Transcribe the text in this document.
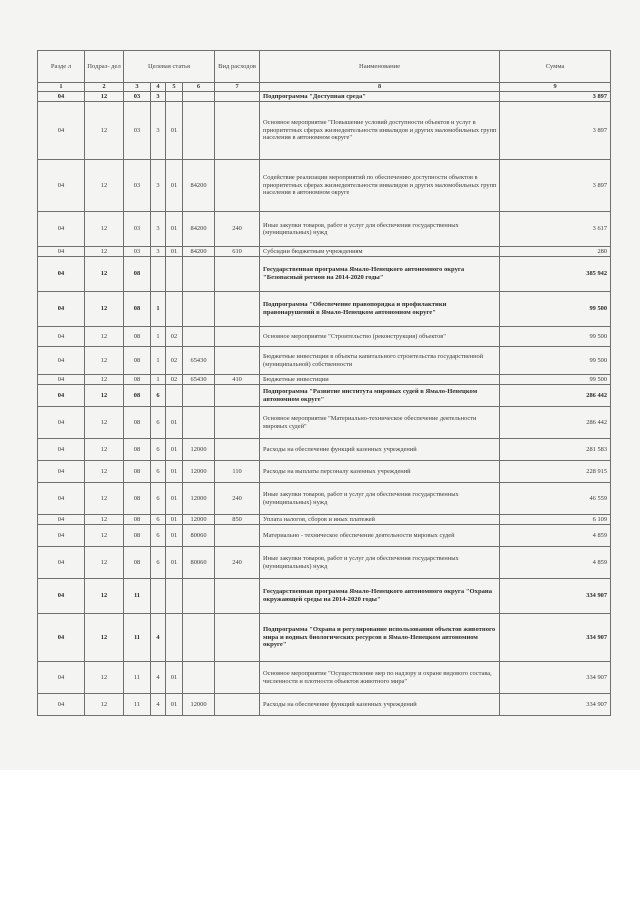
Разде л	Подраз- дел	Целевая статья				Вид расходов	Наименование	Сумма
1	2	3	4	5	6	7	8	9
04	12	03	3				Подпрограмма "Доступная среда"	3 897
04	12	03	3	01			Основное мероприятие "Повышение условий доступности объектов и услуг в приоритетных сферах жизнедеятельности инвалидов и других маломобильных групп населения в автономном округе"	3 897
04	12	03	3	01	84200		Содействие реализации мероприятий по обеспечению доступности объектов в приоритетных сферах жизнедеятельности инвалидов и других маломобильных групп населения в автономном округе	3 897
04	12	03	3	01	84200	240	Иные закупки товаров, работ и услуг для обеспечения государственных (муниципальных) нужд	3 617
04	12	03	3	01	84200	610	Субсидии бюджетным учреждениям	280
04	12	08					Государственная программа Ямало-Ненецкого автономного округа "Безопасный регион на 2014-2020 годы"	385 942
04	12	08	1				Подпрограмма "Обеспечение правопорядка и профилактики правонарушений в Ямало-Ненецком автономном округе"	99 500
04	12	08	1	02			Основное мероприятие "Строительство (реконструкция) объектов"	99 500
04	12	08	1	02	65430		Бюджетные инвестиции в объекты капитального строительства государственной (муниципальной) собственности	99 500
04	12	08	1	02	65430	410	Бюджетные инвестиции	99 500
04	12	08	6				Подпрограмма "Развитие института мировых судей в Ямало-Ненецком автономном округе"	286 442
04	12	08	6	01			Основное мероприятие "Материально-техническое обеспечение деятельности мировых судей"	286 442
04	12	08	6	01	12000		Расходы на обеспечение функций казенных учреждений	281 583
04	12	08	6	01	12000	110	Расходы на выплаты персоналу казенных учреждений	228 915
04	12	08	6	01	12000	240	Иные закупки товаров, работ и услуг для обеспечения государственных (муниципальных) нужд	46 559
04	12	08	6	01	12000	850	Уплата налогов, сборов и иных платежей	6 109
04	12	08	6	01	80060		Материально - техническое обеспечение деятельности мировых судей	4 859
04	12	08	6	01	80060	240	Иные закупки товаров, работ и услуг для обеспечения государственных (муниципальных) нужд	4 859
04	12	11					Государственная программа Ямало-Ненецкого автономного округа "Охрана окружающей среды на 2014-2020 годы"	334 907
04	12	11	4				Подпрограмма "Охрана и регулирование использования объектов животного мира и водных биологических ресурсов в Ямало-Ненецком автономном округе"	334 907
04	12	11	4	01			Основное мероприятие "Осуществление мер по надзору и охране видового состава, численности и плотности объектов животного мира"	334 907
04	12	11	4	01	12000		Расходы на обеспечение функций казенных учреждений	334 907
